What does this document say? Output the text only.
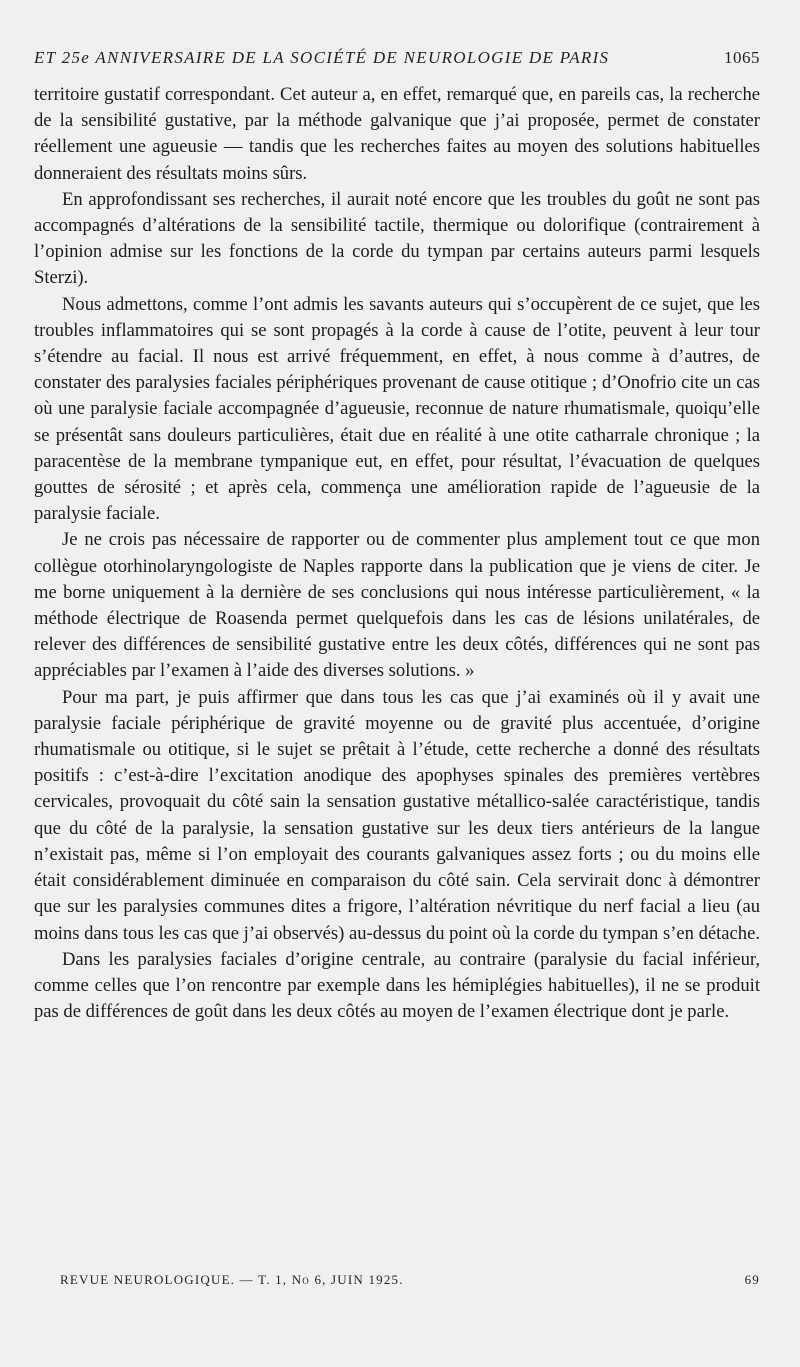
ET 25e ANNIVERSAIRE DE LA SOCIÉTÉ DE NEUROLOGIE DE PARIS	1065

territoire gustatif correspondant. Cet auteur a, en effet, remarqué que, en pareils cas, la recherche de la sensibilité gustative, par la méthode galvanique que j’ai proposée, permet de constater réellement une agueusie — tandis que les recherches faites au moyen des solutions habituelles donneraient des résultats moins sûrs.

En approfondissant ses recherches, il aurait noté encore que les troubles du goût ne sont pas accompagnés d’altérations de la sensibilité tactile, thermique ou dolorifique (contrairement à l’opinion admise sur les fonctions de la corde du tympan par certains auteurs parmi lesquels Sterzi).

Nous admettons, comme l’ont admis les savants auteurs qui s’occupèrent de ce sujet, que les troubles inflammatoires qui se sont propagés à la corde à cause de l’otite, peuvent à leur tour s’étendre au facial. Il nous est arrivé fréquemment, en effet, à nous comme à d’autres, de constater des paralysies faciales périphériques provenant de cause otitique ; d’Onofrio cite un cas où une paralysie faciale accompagnée d’agueusie, reconnue de nature rhumatismale, quoiqu’elle se présentât sans douleurs particulières, était due en réalité à une otite catharrale chronique ; la paracentèse de la membrane tympanique eut, en effet, pour résultat, l’évacuation de quelques gouttes de sérosité ; et après cela, commença une amélioration rapide de l’agueusie de la paralysie faciale.

Je ne crois pas nécessaire de rapporter ou de commenter plus amplement tout ce que mon collègue otorhinolaryngologiste de Naples rapporte dans la publication que je viens de citer. Je me borne uniquement à la dernière de ses conclusions qui nous intéresse particulièrement, « la méthode électrique de Roasenda permet quelquefois dans les cas de lésions unilatérales, de relever des différences de sensibilité gustative entre les deux côtés, différences qui ne sont pas appréciables par l’examen à l’aide des diverses solutions. »

Pour ma part, je puis affirmer que dans tous les cas que j’ai examinés où il y avait une paralysie faciale périphérique de gravité moyenne ou de gravité plus accentuée, d’origine rhumatismale ou otitique, si le sujet se prêtait à l’étude, cette recherche a donné des résultats positifs : c’est-à-dire l’excitation anodique des apophyses spinales des premières vertèbres cervicales, provoquait du côté sain la sensation gustative métallico-salée caractéristique, tandis que du côté de la paralysie, la sensation gustative sur les deux tiers antérieurs de la langue n’existait pas, même si l’on employait des courants galvaniques assez forts ; ou du moins elle était considérablement diminuée en comparaison du côté sain. Cela servirait donc à démontrer que sur les paralysies communes dites a frigore, l’altération névritique du nerf facial a lieu (au moins dans tous les cas que j’ai observés) au-dessus du point où la corde du tympan s’en détache.

Dans les paralysies faciales d’origine centrale, au contraire (paralysie du facial inférieur, comme celles que l’on rencontre par exemple dans les hémiplégies habituelles), il ne se produit pas de différences de goût dans les deux côtés au moyen de l’examen électrique dont je parle.

REVUE NEUROLOGIQUE. — T. 1, No 6, JUIN 1925.	69
